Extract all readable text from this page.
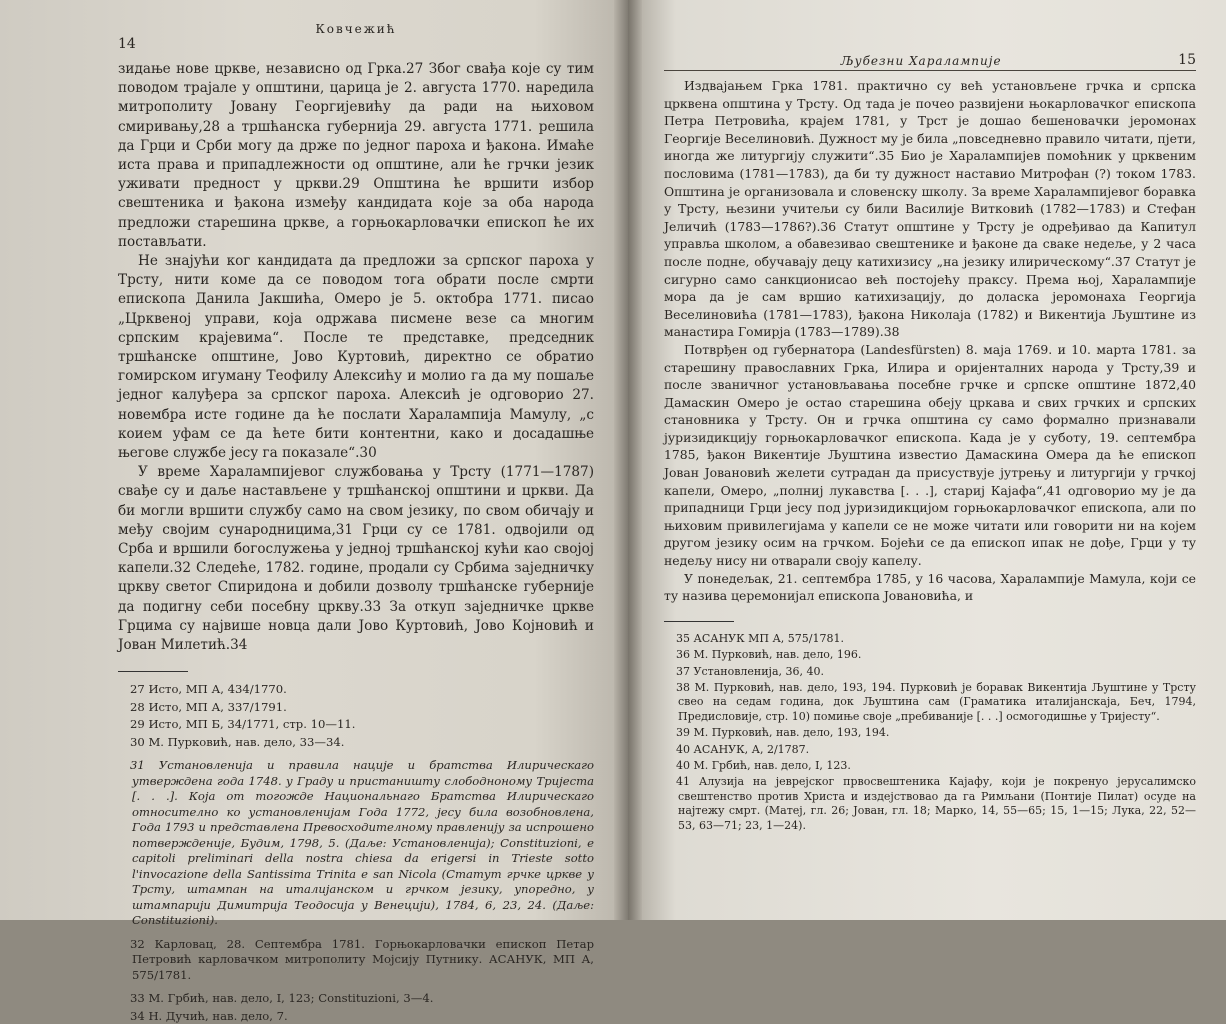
Ковчежић
14

зидање нове цркве, независно од Грка.27 Због свађа које су тим поводом трајале у општини, царица је 2. августа 1770. наредила митрополиту Јовану Георгијевићу да ради на њиховом смиривању,28 а тршћанска губернија 29. августа 1771. решила да Грци и Срби могу да држе по једног пароха и ђакона. Имаће иста права и припадлежности од општине, али ће грчки језик уживати предност у цркви.29 Општина ће вршити избор свештеника и ђакона између кандидата које за оба народа предложи старешина цркве, а горњокарловачки епископ ће их постављати.

Не знајући ког кандидата да предложи за српског пароха у Трсту, нити коме да се поводом тога обрати после смрти епископа Данила Јакшића, Омеро је 5. октобра 1771. писао „Црквеној управи, која одржава писмене везе са многим српским крајевима“. После те представке, председник тршћанске општине, Јово Куртовић, директно се обратио гомирском игуману Теофилу Алексићу и молио га да му пошаље једног калуђера за српског пароха. Алексић је одговорио 27. новембра исте године да ће послати Харалампија Мамулу, „с коием уфам се да ћете бити контентни, како и досадашње његове службе јесу га показале“.30

У време Харалампијевог службовања у Трсту (1771—1787) свађе су и даље настављене у тршћанској општини и цркви. Да би могли вршити службу само на свом језику, по свом обичају и међу својим сународницима,31 Грци су се 1781. одвојили од Срба и вршили богослужења у једној тршћанској кући као својој капели.32 Следеће, 1782. године, продали су Србима заједничку цркву светог Спиридона и добили дозволу тршћанске губерније да подигну себи посебну цркву.33 За откуп заједничке цркве Грцима су највише новца дали Јово Куртовић, Јово Којновић и Јован Милетић.34

27 Исто, МП А, 434/1770.

28 Исто, МП А, 337/1791.

29 Исто, МП Б, 34/1771, стр. 10—11.

30 М. Пурковић, нав. дело, 33—34.

31 Установленија и правила нациje и братства Илирическаго утверждена года 1748. у Граду и пристаништу слободноному Тријеста [. . .]. Која от тогожде Национальнаго Братства Илирическаго относително ко установленијам Года 1772, јесу била возобновлена, Года 1793 и представлена Превосходителному правленију за испрошено потвержденије, Будим, 1798, 5. (Даље: Установленија); Constituzioni, e capitoli preliminari della nostra chiesa da erigersi in Trieste sotto l'invocazione della Santissima Trinita e san Nicola (Статут грчке цркве у Трсту, штампан на италијанском и грчком језику, упоредно, у штампарији Димитрија Теодосија у Венецији), 1784, 6, 23, 24. (Даље: Constituzioni).

32 Карловац, 28. Септембра 1781. Горњокарловачки епископ Петар Петровић карловачком митрополиту Мојсију Путнику. АСАНУК, МП А, 575/1781.

33 М. Грбић, нав. дело, I, 123; Constituzioni, 3—4.

34 Н. Дучић, нав. дело, 7.

Љубезни Харалампије	15

Издвајањем Грка 1781. практично су већ установљене грчка и српска црквена општина у Трсту. Од тада је почео развијени њокарловачког епископа Петра Петровића, крајем 1781, у Трст је дошао бешеновачки јеромонах Георгије Веселиновић. Дужност му је била „повседневно правило читати, пјети, иногда же литургију служити“.35 Био је Харалампијев помоћник у црквеним пословима (1781—1783), да би ту дужност наставио Митрофан (?) током 1783. Општина је организовала и словенску школу. За време Харалампијевог боравка у Трсту, њезини учитељи су били Василије Витковић (1782—1783) и Стефан Јеличић (1783—1786?).36 Статут општине у Трсту је одређивао да Капитул управља школом, а обавезивао свештенике и ђаконе да сваке недеље, у 2 часа после подне, обучавају децу катихизису „на језику илирическому“.37 Статут је сигурно само санкционисао већ постојећу праксу. Према њој, Харалампије мора да је сам вршио катихизацију, до доласка јеромонаха Георгија Веселиновића (1781—1783), ђакона Николаја (1782) и Викентија Љуштине из манастира Гомирја (1783—1789).38

Потврђен од губернатора (Landesfürsten) 8. маја 1769. и 10. марта 1781. за старешину православних Грка, Илира и оријенталних народа у Трсту,39 и после званичног установљавања посебне грчке и српске општине 1872,40 Дамаскин Омеро је остао старешина обеју цркава и свих грчких и српских становника у Трсту. Он и грчка општина су само формално признавали јуризидикцију горњокарловачког епископа. Када је у суботу, 19. септембра 1785, ђакон Викентије Љуштина известио Дамаскина Омера да ће епископ Јован Јовановић желети сутрадан да присуствује јутрењу и литургији у грчкој капели, Омеро, „полниј лукавства [. . .], стариј Кајафа“,41 одговорио му је да припадници Грци јесу под јуризидикцијом горњокарловачког епископа, али по њиховим привилегијама у капели се не може читати или говорити ни на којем другом језику осим на грчком. Бојећи се да епископ ипак не дође, Грци у ту недељу нису ни отварали своју капелу.

У понедељак, 21. септембра 1785, у 16 часова, Харалампије Мамула, који се ту назива церемонијал епископа Јовановића, и

35 АСАНУК МП А, 575/1781.

36 М. Пурковић, нав. дело, 196.

37 Установленија, 36, 40.

38 М. Пурковић, нав. дело, 193, 194. Пурковић је боравак Викентија Љуштине у Трсту свео на седам година, док Љуштина сам (Граматика италијанскаја, Беч, 1794, Предисловије, стр. 10) помиње своје „пребиваније [. . .] осмогодишње у Тријесту“.

39 М. Пурковић, нав. дело, 193, 194.

40 АСАНУК, А, 2/1787.

40 М. Грбић, нав. дело, I, 123.

41 Алузија на јеврејског првосвештеника Кајафу, који је покренуо јерусалимско свештенство против Христа и издејствовао да га Римљани (Понтије Пилат) осуде на најтежу смрт. (Матеј, гл. 26; Јован, гл. 18; Марко, 14, 55—65; 15, 1—15; Лука, 22, 52—53, 63—71; 23, 1—24).
